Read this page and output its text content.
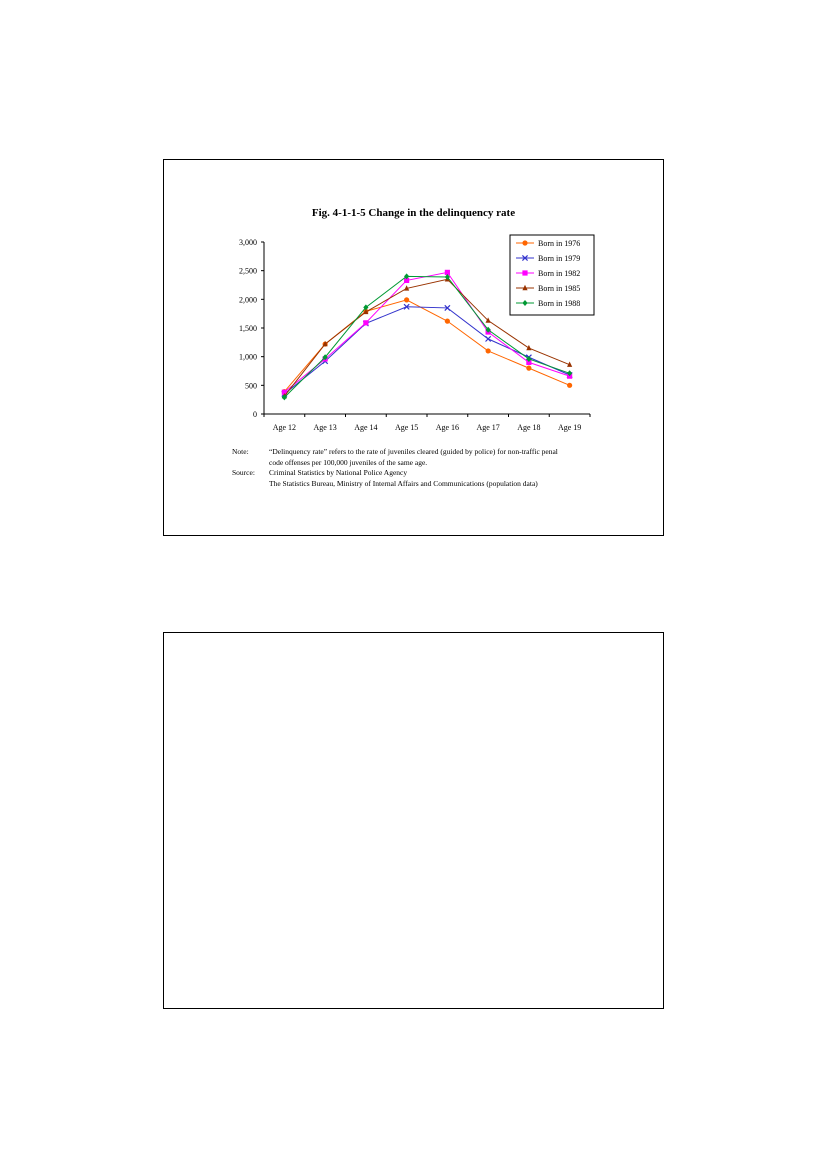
Fig. 4-1-1-5 Change in the delinquency rate
0
500
1,000
1,500
2,000
2,500
3,000
Age 12 Age 13 Age 14 Age 15 Age 16 Age 17 Age 18 Age 19
Born in 1976
Born in 1979
Born in 1982
Born in 1985
Born in 1988
Note:	“Delinquency rate” refers to the rate of juveniles cleared (guided by police) for non-traffic penal
code offenses per 100,000 juveniles of the same age.
Source:	Criminal Statistics by National Police Agency
The Statistics Bureau, Ministry of Internal Affairs and Communications (population data)
